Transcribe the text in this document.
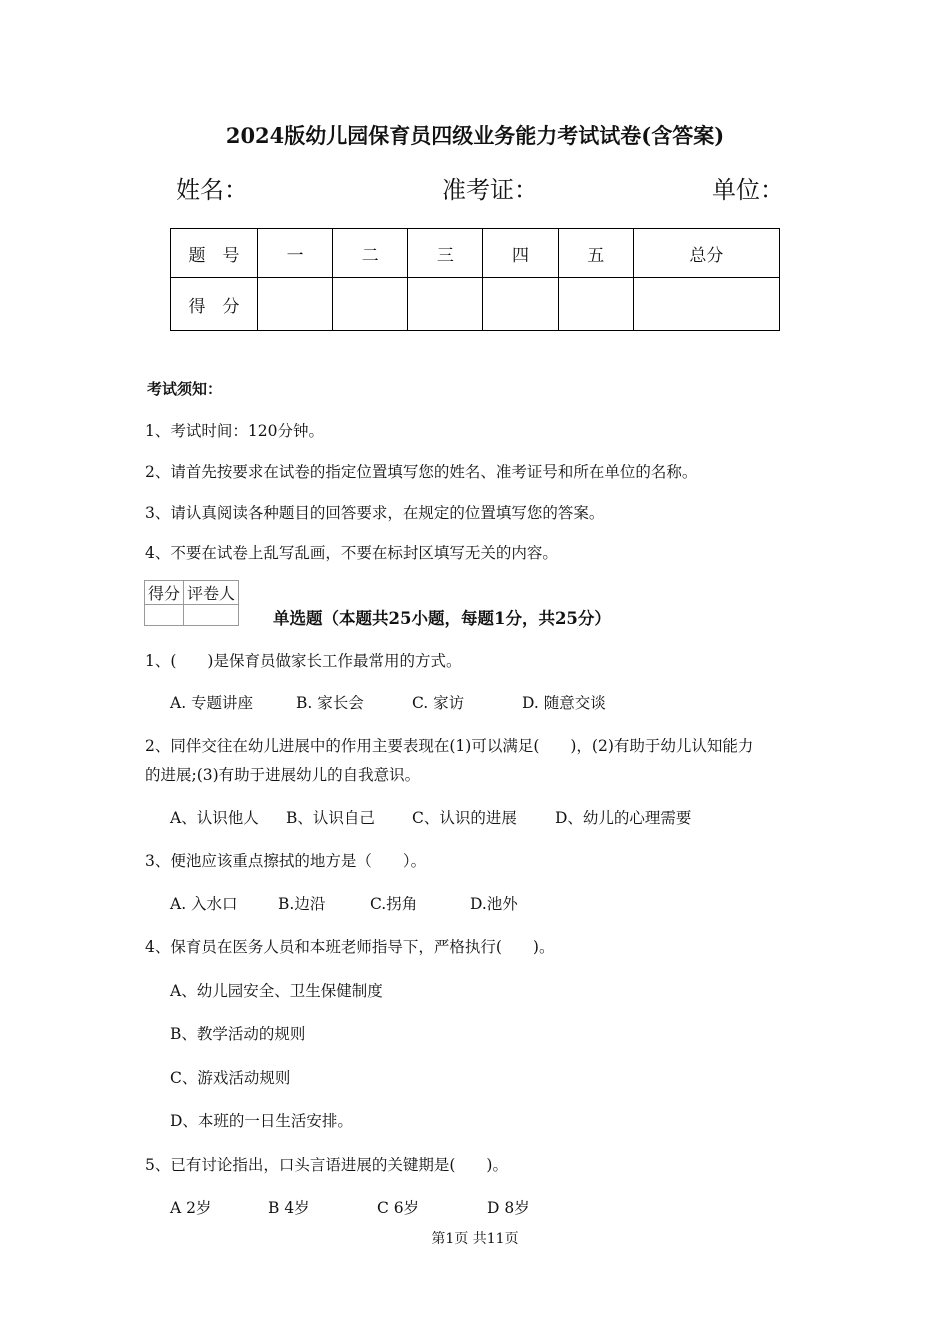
2024版幼儿园保育员四级业务能力考试试卷(含答案)
姓名：	准考证：	单位：
题　号	一	二	三	四	五	总分
得　分						
考试须知：
1、考试时间：120分钟。
2、请首先按要求在试卷的指定位置填写您的姓名、准考证号和所在单位的名称。
3、请认真阅读各种题目的回答要求，在规定的位置填写您的答案。
4、不要在试卷上乱写乱画，不要在标封区填写无关的内容。
得分	评卷人

单选题（本题共25小题，每题1分，共25分）
1、(　　)是保育员做家长工作最常用的方式。
A. 专题讲座	B. 家长会	C. 家访	D. 随意交谈
2、同伴交往在幼儿进展中的作用主要表现在(1)可以满足(　　)，(2)有助于幼儿认知能力
的进展;(3)有助于进展幼儿的自我意识。
A、认识他人 B、认识自己 C、认识的进展 D、幼儿的心理需要
3、便池应该重点擦拭的地方是（　　）。
A. 入水口	B.边沿	C.拐角	D.池外
4、保育员在医务人员和本班老师指导下，严格执行(　　)。
A、幼儿园安全、卫生保健制度
B、教学活动的规则
C、游戏活动规则
D、本班的一日生活安排。
5、已有讨论指出，口头言语进展的关键期是(　　)。
A 2岁	B 4岁	C 6岁	D 8岁
第1页 共11页
